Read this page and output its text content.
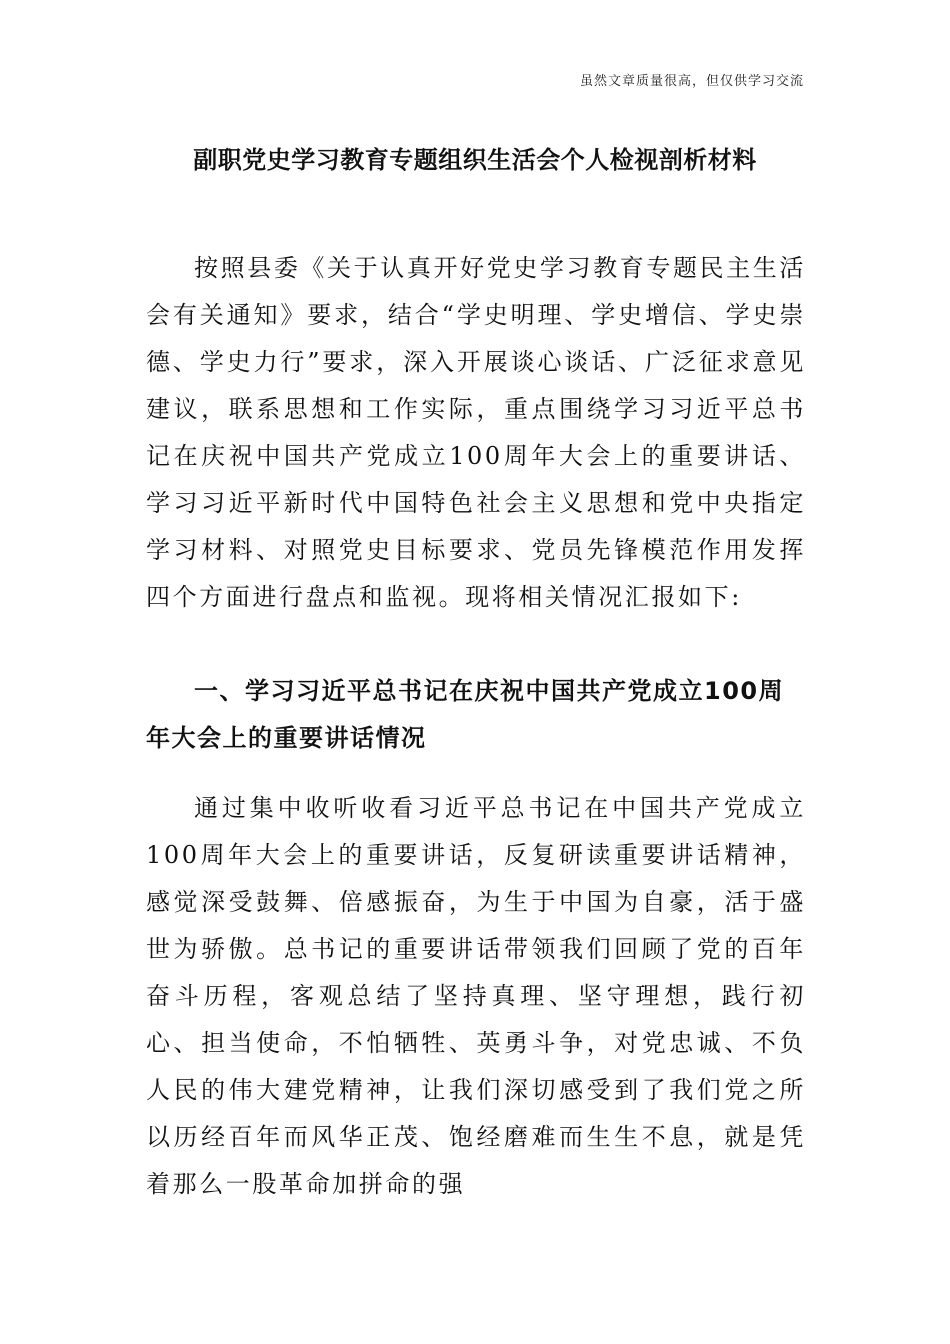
虽然文章质量很高，但仅供学习交流
副职党史学习教育专题组织生活会个人检视剖析材料

按照县委《关于认真开好党史学习教育专题民主生活会有关通知》要求，结合“学史明理、学史增信、学史崇德、学史力行”要求，深入开展谈心谈话、广泛征求意见建议，联系思想和工作实际，重点围绕学习习近平总书记在庆祝中国共产党成立100周年大会上的重要讲话、学习习近平新时代中国特色社会主义思想和党中央指定学习材料、对照党史目标要求、党员先锋模范作用发挥四个方面进行盘点和监视。现将相关情况汇报如下:

一、学习习近平总书记在庆祝中国共产党成立100周年大会上的重要讲话情况

通过集中收听收看习近平总书记在中国共产党成立100周年大会上的重要讲话，反复研读重要讲话精神，感觉深受鼓舞、倍感振奋，为生于中国为自豪，活于盛世为骄傲。总书记的重要讲话带领我们回顾了党的百年奋斗历程，客观总结了坚持真理、坚守理想，践行初心、担当使命，不怕牺牲、英勇斗争，对党忠诚、不负人民的伟大建党精神，让我们深切感受到了我们党之所以历经百年而风华正茂、饱经磨难而生生不息，就是凭着那么一股革命加拼命的强
